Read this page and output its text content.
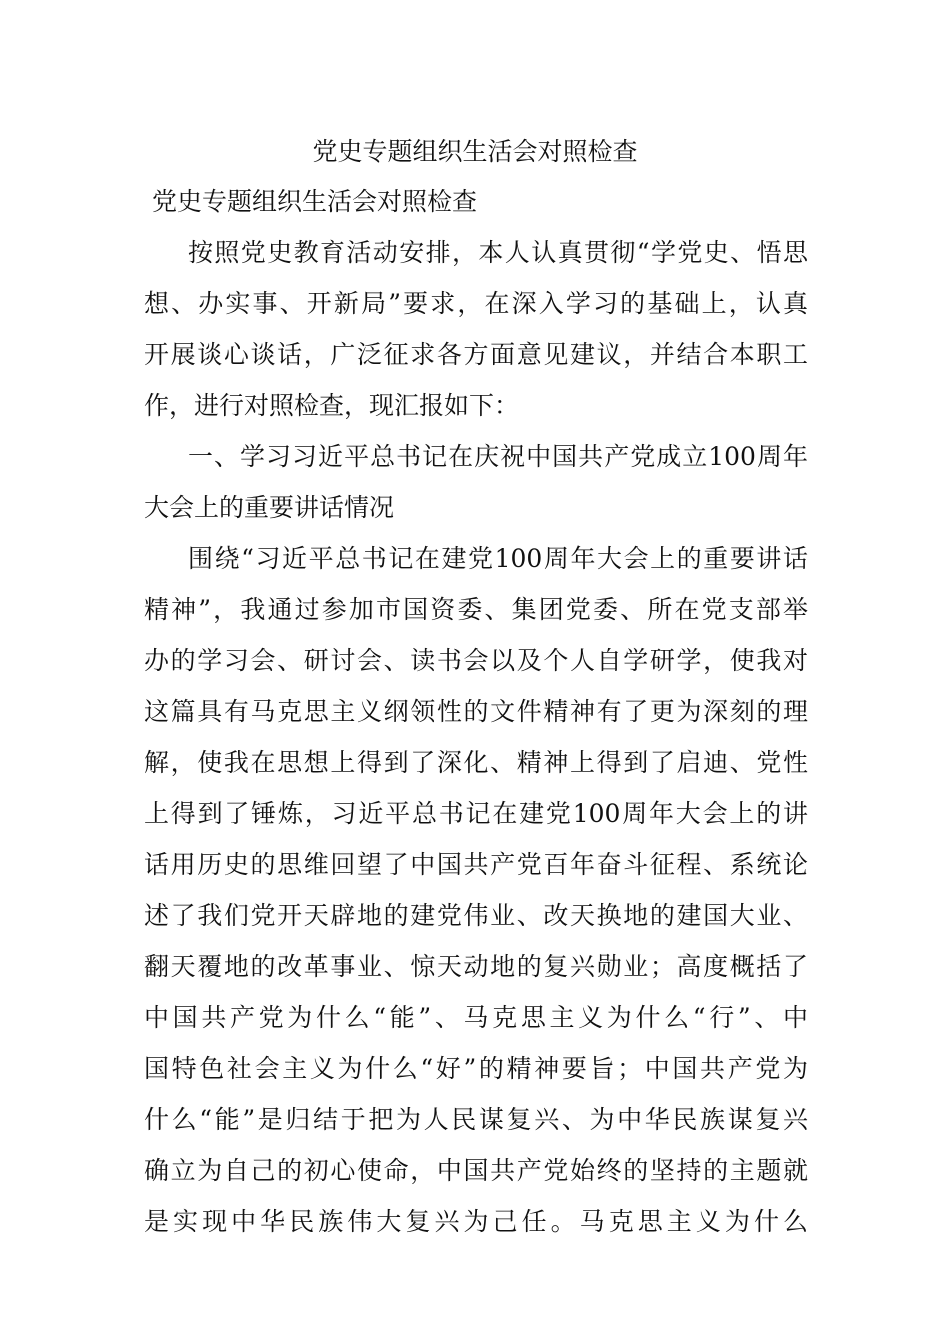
党史专题组织生活会对照检查
党史专题组织生活会对照检查
按照党史教育活动安排，本人认真贯彻“学党史、悟思
想、办实事、开新局”要求，在深入学习的基础上，认真
开展谈心谈话，广泛征求各方面意见建议，并结合本职工
作，进行对照检查，现汇报如下：
一、学习习近平总书记在庆祝中国共产党成立100周年
大会上的重要讲话情况
围绕“习近平总书记在建党100周年大会上的重要讲话
精神”，我通过参加市国资委、集团党委、所在党支部举
办的学习会、研讨会、读书会以及个人自学研学，使我对
这篇具有马克思主义纲领性的文件精神有了更为深刻的理
解，使我在思想上得到了深化、精神上得到了启迪、党性
上得到了锤炼，习近平总书记在建党100周年大会上的讲
话用历史的思维回望了中国共产党百年奋斗征程、系统论
述了我们党开天辟地的建党伟业、改天换地的建国大业、
翻天覆地的改革事业、惊天动地的复兴勋业；高度概括了
中国共产党为什么“能”、马克思主义为什么“行”、中
国特色社会主义为什么“好”的精神要旨；中国共产党为
什么“能”是归结于把为人民谋复兴、为中华民族谋复兴
确立为自己的初心使命，中国共产党始终的坚持的主题就
是实现中华民族伟大复兴为己任。马克思主义为什么
